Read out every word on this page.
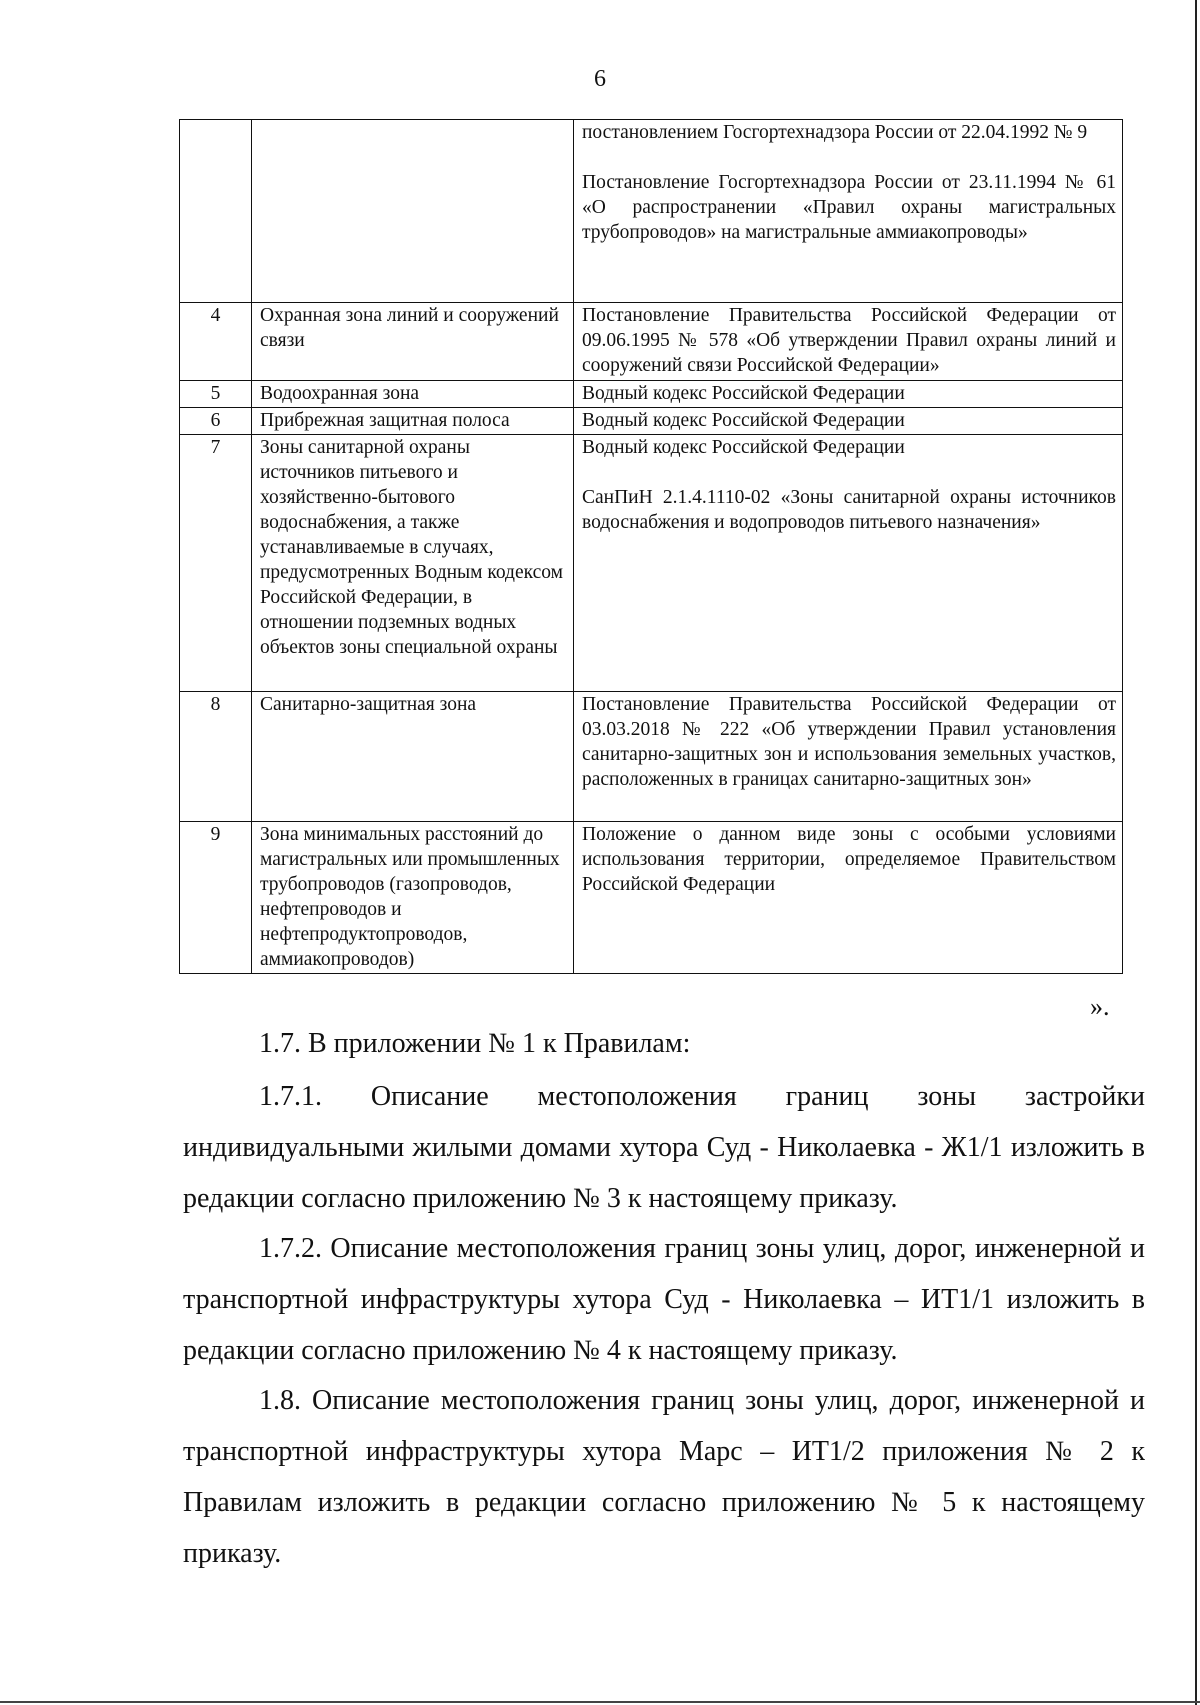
6

		постановлением Госгортехнадзора России от 22.04.1992 № 9
Постановление Госгортехнадзора России от 23.11.1994 № 61 «О распространении «Правил охраны магистральных трубопроводов» на магистральные аммиакопроводы»

4	Охранная зона линий и сооружений связи	Постановление Правительства Российской Федерации от 09.06.1995 № 578 «Об утверждении Правил охраны линий и сооружений связи Российской Федерации»

5	Водоохранная зона	Водный кодекс Российской Федерации

6	Прибрежная защитная полоса	Водный кодекс Российской Федерации

7	Зоны санитарной охраны источников питьевого и хозяйственно-бытового водоснабжения, а также устанавливаемые в случаях, предусмотренных Водным кодексом Российской Федерации, в отношении подземных водных объектов зоны специальной охраны	Водный кодекс Российской Федерации
СанПиН 2.1.4.1110-02 «Зоны санитарной охраны источников водоснабжения и водопроводов питьевого назначения»

8	Санитарно-защитная зона	Постановление Правительства Российской Федерации от 03.03.2018 № 222 «Об утверждении Правил установления санитарно-защитных зон и использования земельных участков, расположенных в границах санитарно-защитных зон»

9	Зона минимальных расстояний до магистральных или промышленных трубопроводов (газопроводов, нефтепроводов и нефтепродуктопроводов, аммиакопроводов)	Положение о данном виде зоны с особыми условиями использования территории, определяемое Правительством Российской Федерации
».

1.7. В приложении № 1 к Правилам:

1.7.1. Описание местоположения границ зоны застройки индивидуальными жилыми домами хутора Суд - Николаевка - Ж1/1 изложить в редакции согласно приложению № 3 к настоящему приказу.

1.7.2. Описание местоположения границ зоны улиц, дорог, инженерной и транспортной инфраструктуры хутора Суд - Николаевка – ИТ1/1 изложить в редакции согласно приложению № 4 к настоящему приказу.

1.8. Описание местоположения границ зоны улиц, дорог, инженерной и транспортной инфраструктуры хутора Марс – ИТ1/2 приложения № 2 к Правилам изложить в редакции согласно приложению № 5 к настоящему приказу.
